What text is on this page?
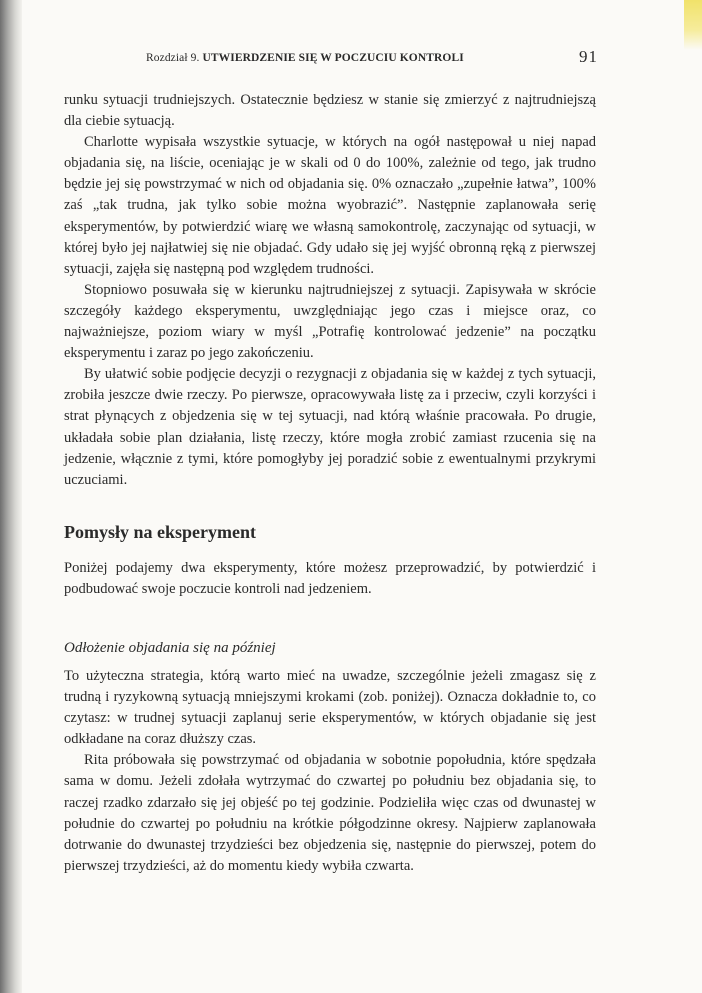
Rozdział 9. UTWIERDZENIE SIĘ W POCZUCIU KONTROLI	91

runku sytuacji trudniejszych. Ostatecznie będziesz w stanie się zmierzyć z najtrudniejszą dla ciebie sytuacją.

Charlotte wypisała wszystkie sytuacje, w których na ogół następował u niej napad objadania się, na liście, oceniając je w skali od 0 do 100%, zależnie od tego, jak trudno będzie jej się powstrzymać w nich od objadania się. 0% oznaczało „zupełnie łatwa”, 100% zaś „tak trudna, jak tylko sobie można wyobrazić”. Następnie zaplanowała serię eksperymentów, by potwierdzić wiarę we własną samokontrolę, zaczynając od sytuacji, w której było jej najłatwiej się nie objadać. Gdy udało się jej wyjść obronną ręką z pierwszej sytuacji, zajęła się następną pod względem trudności.

Stopniowo posuwała się w kierunku najtrudniejszej z sytuacji. Zapisywała w skrócie szczegóły każdego eksperymentu, uwzględniając jego czas i miejsce oraz, co najważniejsze, poziom wiary w myśl „Potrafię kontrolować jedzenie” na początku eksperymentu i zaraz po jego zakończeniu.

By ułatwić sobie podjęcie decyzji o rezygnacji z objadania się w każdej z tych sytuacji, zrobiła jeszcze dwie rzeczy. Po pierwsze, opracowywała listę za i przeciw, czyli korzyści i strat płynących z objedzenia się w tej sytuacji, nad którą właśnie pracowała. Po drugie, układała sobie plan działania, listę rzeczy, które mogła zrobić zamiast rzucenia się na jedzenie, włącznie z tymi, które pomogłyby jej poradzić sobie z ewentualnymi przykrymi uczuciami.

Pomysły na eksperyment

Poniżej podajemy dwa eksperymenty, które możesz przeprowadzić, by potwierdzić i podbudować swoje poczucie kontroli nad jedzeniem.

Odłożenie objadania się na później

To użyteczna strategia, którą warto mieć na uwadze, szczególnie jeżeli zmagasz się z trudną i ryzykowną sytuacją mniejszymi krokami (zob. poniżej). Oznacza dokładnie to, co czytasz: w trudnej sytuacji zaplanuj serie eksperymentów, w których objadanie się jest odkładane na coraz dłuższy czas.

Rita próbowała się powstrzymać od objadania w sobotnie popołudnia, które spędzała sama w domu. Jeżeli zdołała wytrzymać do czwartej po południu bez objadania się, to raczej rzadko zdarzało się jej objeść po tej godzinie. Podzieliła więc czas od dwunastej w południe do czwartej po południu na krótkie półgodzinne okresy. Najpierw zaplanowała dotrwanie do dwunastej trzydzieści bez objedzenia się, następnie do pierwszej, potem do pierwszej trzydzieści, aż do momentu kiedy wybiła czwarta.
